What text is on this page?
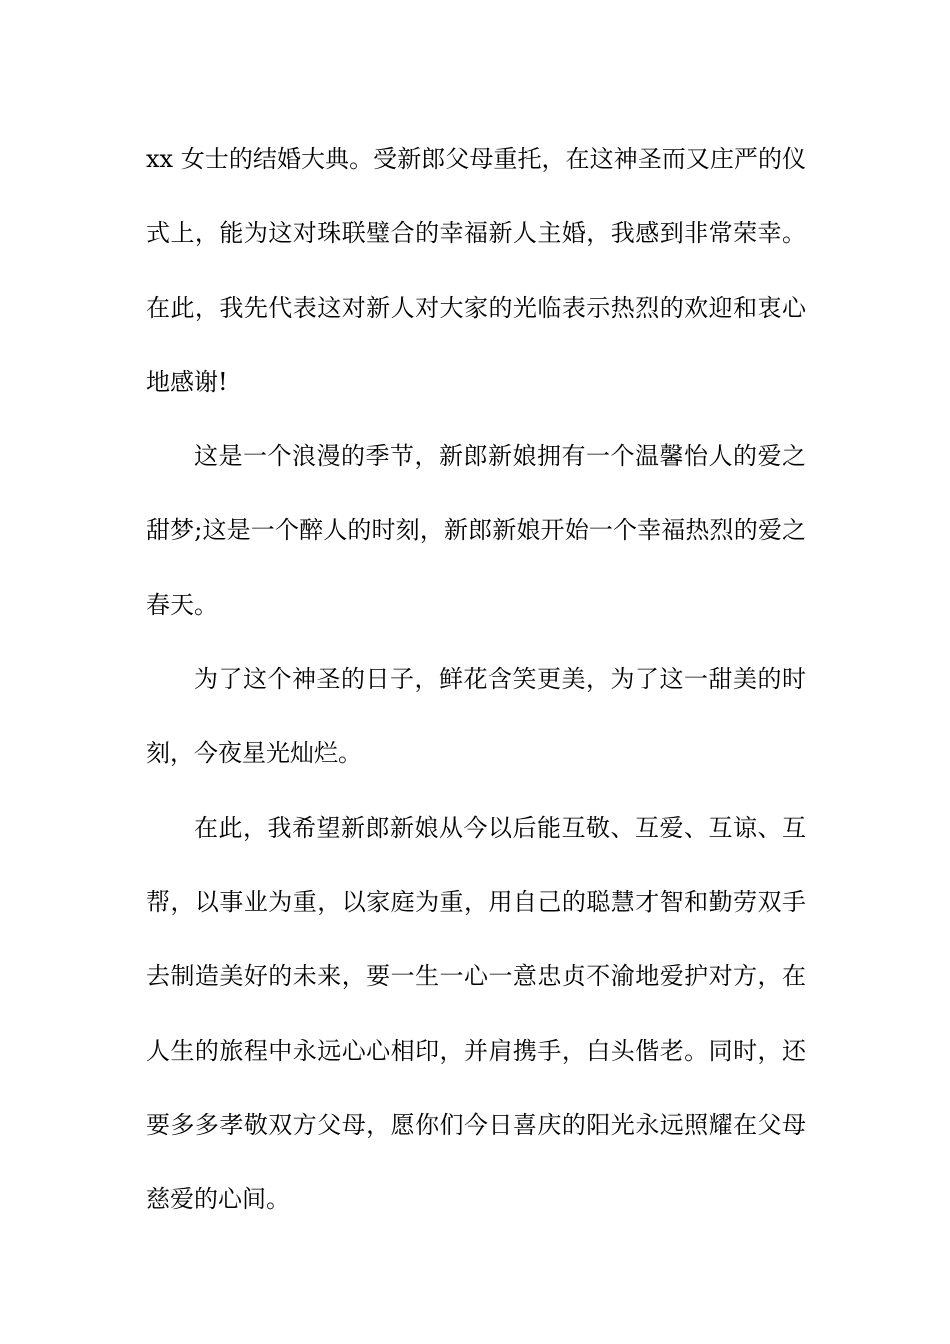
xx 女士的结婚大典。受新郎父母重托，在这神圣而又庄严的仪
式上，能为这对珠联璧合的幸福新人主婚，我感到非常荣幸。
在此，我先代表这对新人对大家的光临表示热烈的欢迎和衷心
地感谢!
这是一个浪漫的季节，新郎新娘拥有一个温馨怡人的爱之
甜梦;这是一个醉人的时刻，新郎新娘开始一个幸福热烈的爱之
春天。
为了这个神圣的日子，鲜花含笑更美，为了这一甜美的时
刻，今夜星光灿烂。
在此，我希望新郎新娘从今以后能互敬、互爱、互谅、互
帮，以事业为重，以家庭为重，用自己的聪慧才智和勤劳双手
去制造美好的未来，要一生一心一意忠贞不渝地爱护对方，在
人生的旅程中永远心心相印，并肩携手，白头偕老。同时，还
要多多孝敬双方父母，愿你们今日喜庆的阳光永远照耀在父母
慈爱的心间。
